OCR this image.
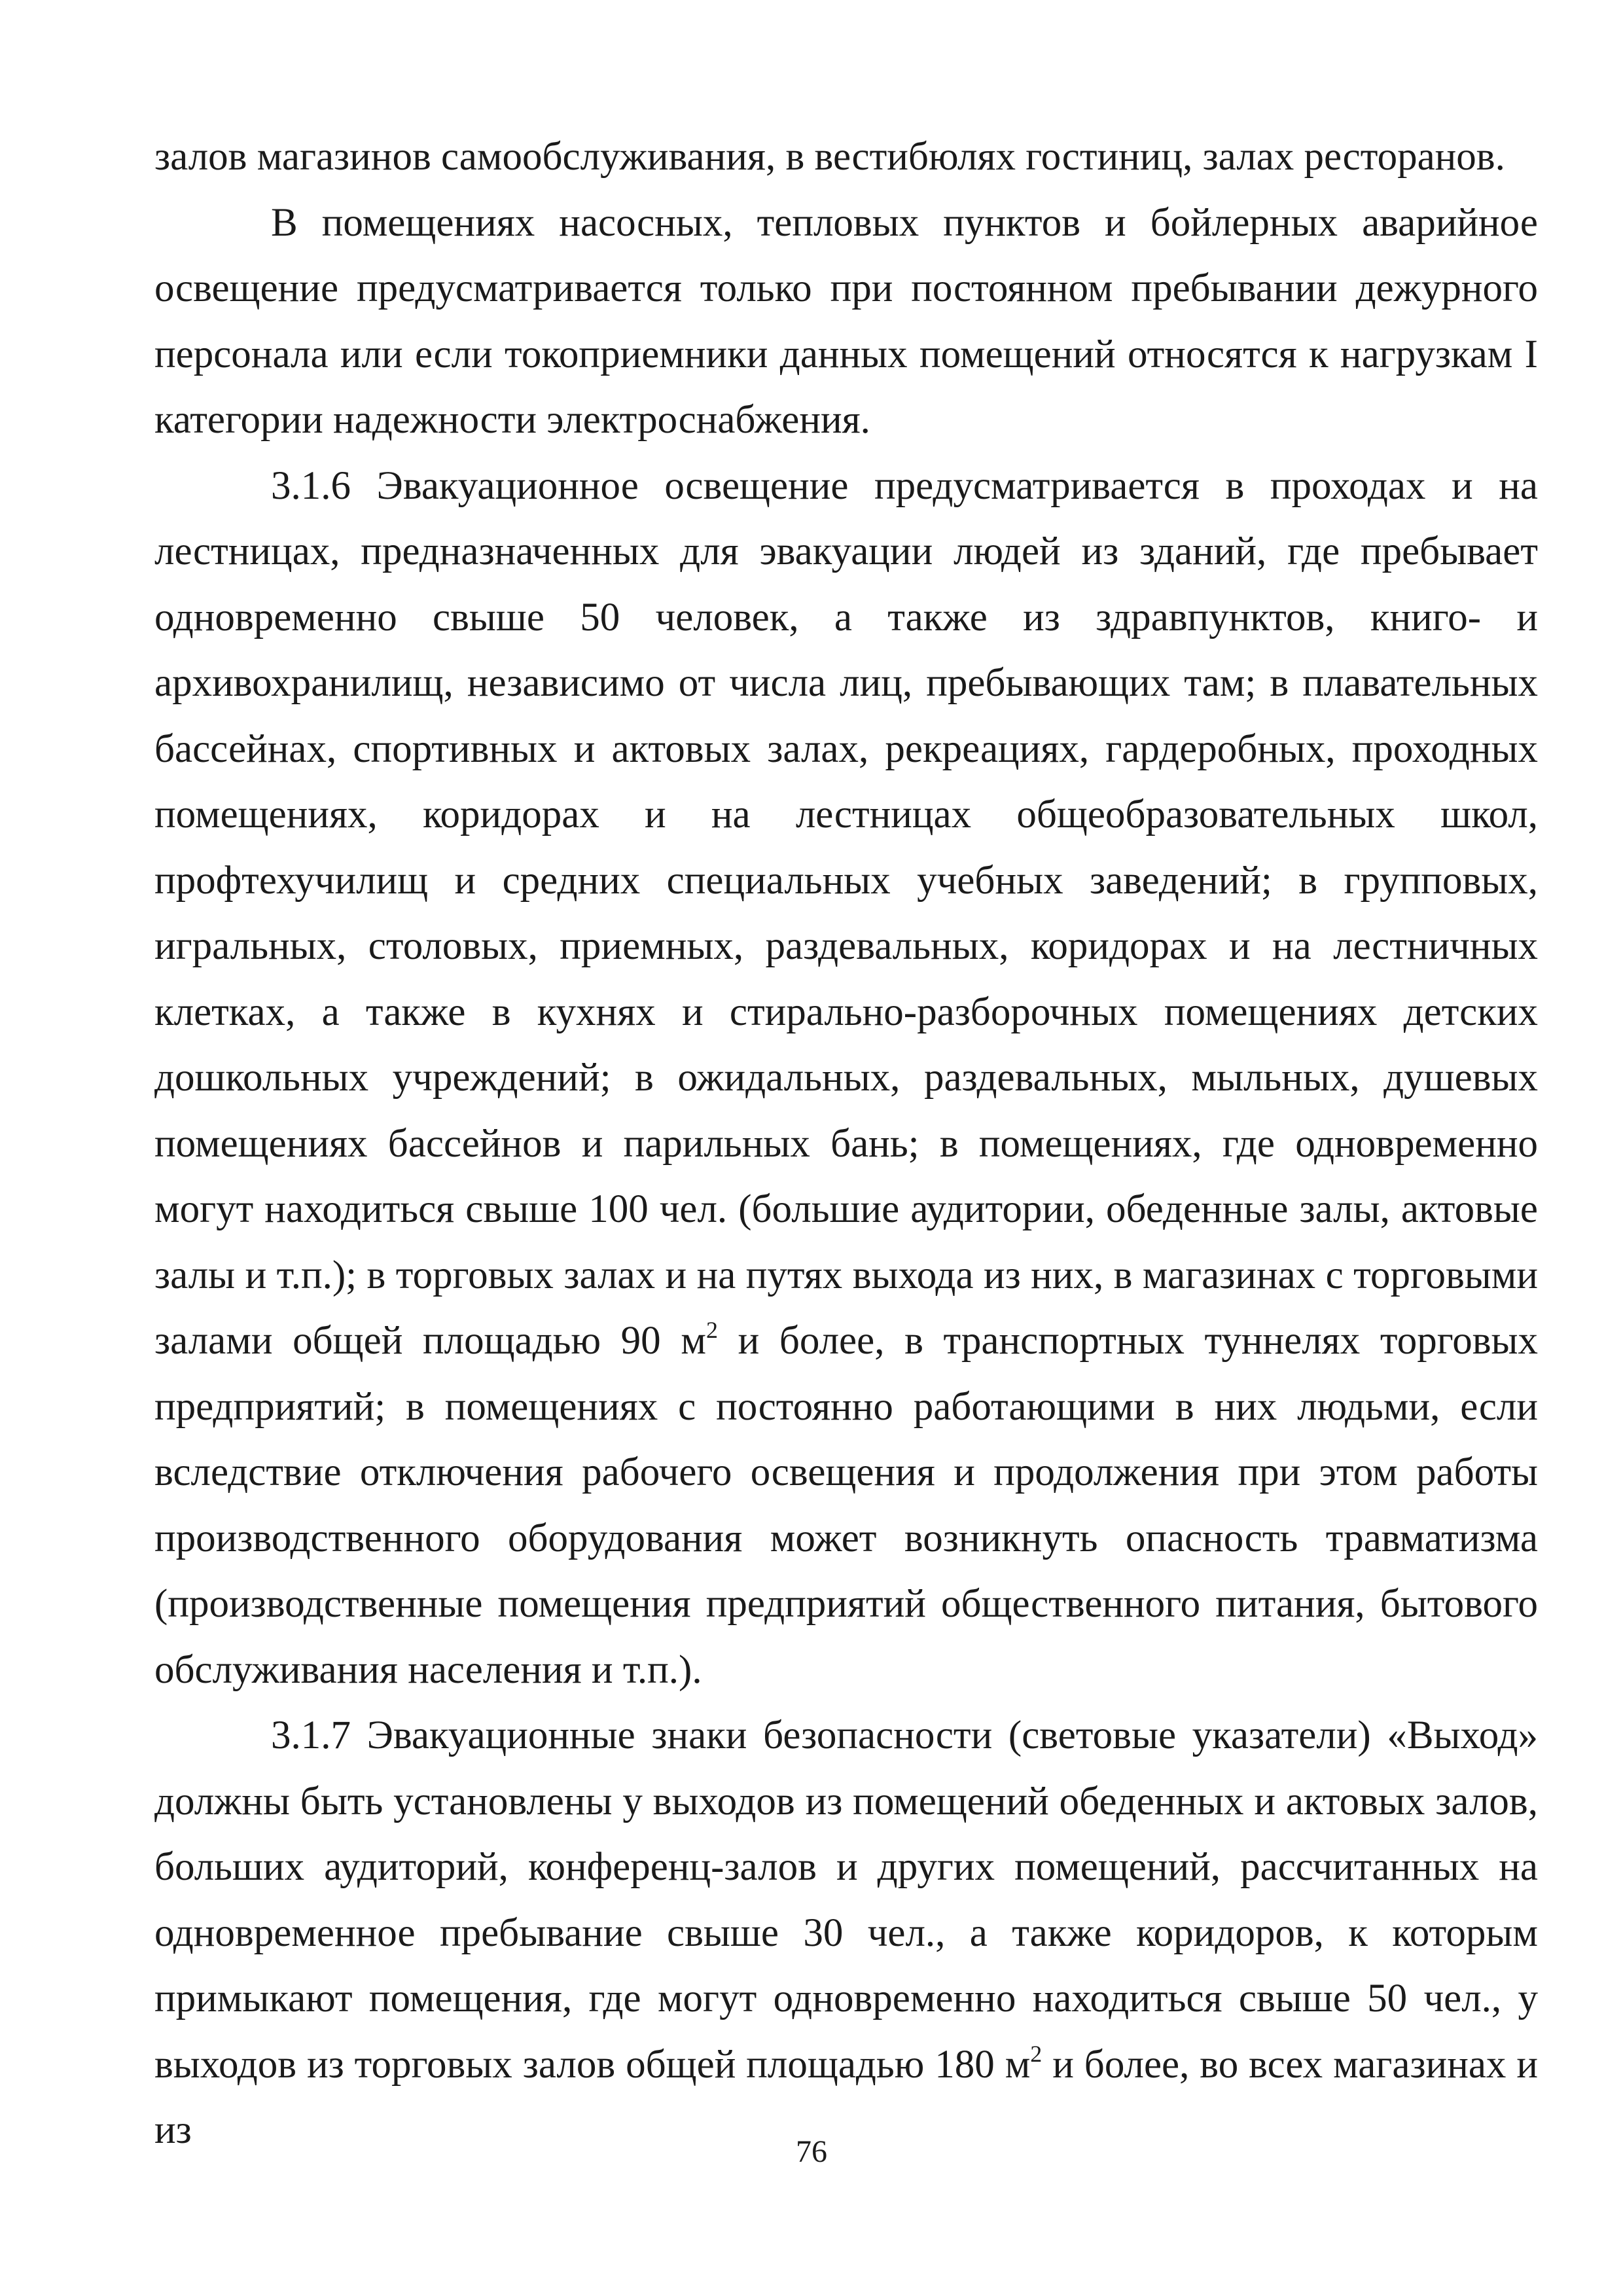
залов магазинов самообслуживания, в вестибюлях гостиниц, залах ресторанов.

В помещениях насосных, тепловых пунктов и бойлерных аварийное освещение предусматривается только при постоянном пребывании дежурного персонала или если токоприемники данных помещений относятся к нагрузкам I категории надежности электроснабжения.

3.1.6 Эвакуационное освещение предусматривается в проходах и на лестницах, предназначенных для эвакуации людей из зданий, где пребывает одновременно свыше 50 человек, а также из здравпунктов, книго- и архивохранилищ, независимо от числа лиц, пребывающих там; в плавательных бассейнах, спортивных и актовых залах, рекреациях, гардеробных, проходных помещениях, коридорах и на лестницах общеобразовательных школ, профтехучилищ и средних специальных учебных заведений; в групповых, игральных, столовых, приемных, раздевальных, коридорах и на лестничных клетках, а также в кухнях и стирально-разборочных помещениях детских дошкольных учреждений; в ожидальных, раздевальных, мыльных, душевых помещениях бассейнов и парильных бань; в помещениях, где одновременно могут находиться свыше 100 чел. (большие аудитории, обеденные залы, актовые залы и т.п.); в торговых залах и на путях выхода из них, в магазинах с торговыми залами общей площадью 90 $м^2$ и более, в транспортных туннелях торговых предприятий; в помещениях с постоянно работающими в них людьми, если вследствие отключения рабочего освещения и продолжения при этом работы производственного оборудования может возникнуть опасность травматизма (производственные помещения предприятий общественного питания, бытового обслуживания населения и т.п.).

3.1.7 Эвакуационные знаки безопасности (световые указатели) «Выход» должны быть установлены у выходов из помещений обеденных и актовых залов, больших аудиторий, конференц-залов и других помещений, рассчитанных на одновременное пребывание свыше 30 чел., а также коридоров, к которым примыкают помещения, где могут одновременно находиться свыше 50 чел., у выходов из торговых залов общей площадью 180 $м^2$ и более, во всех магазинах и из	76
